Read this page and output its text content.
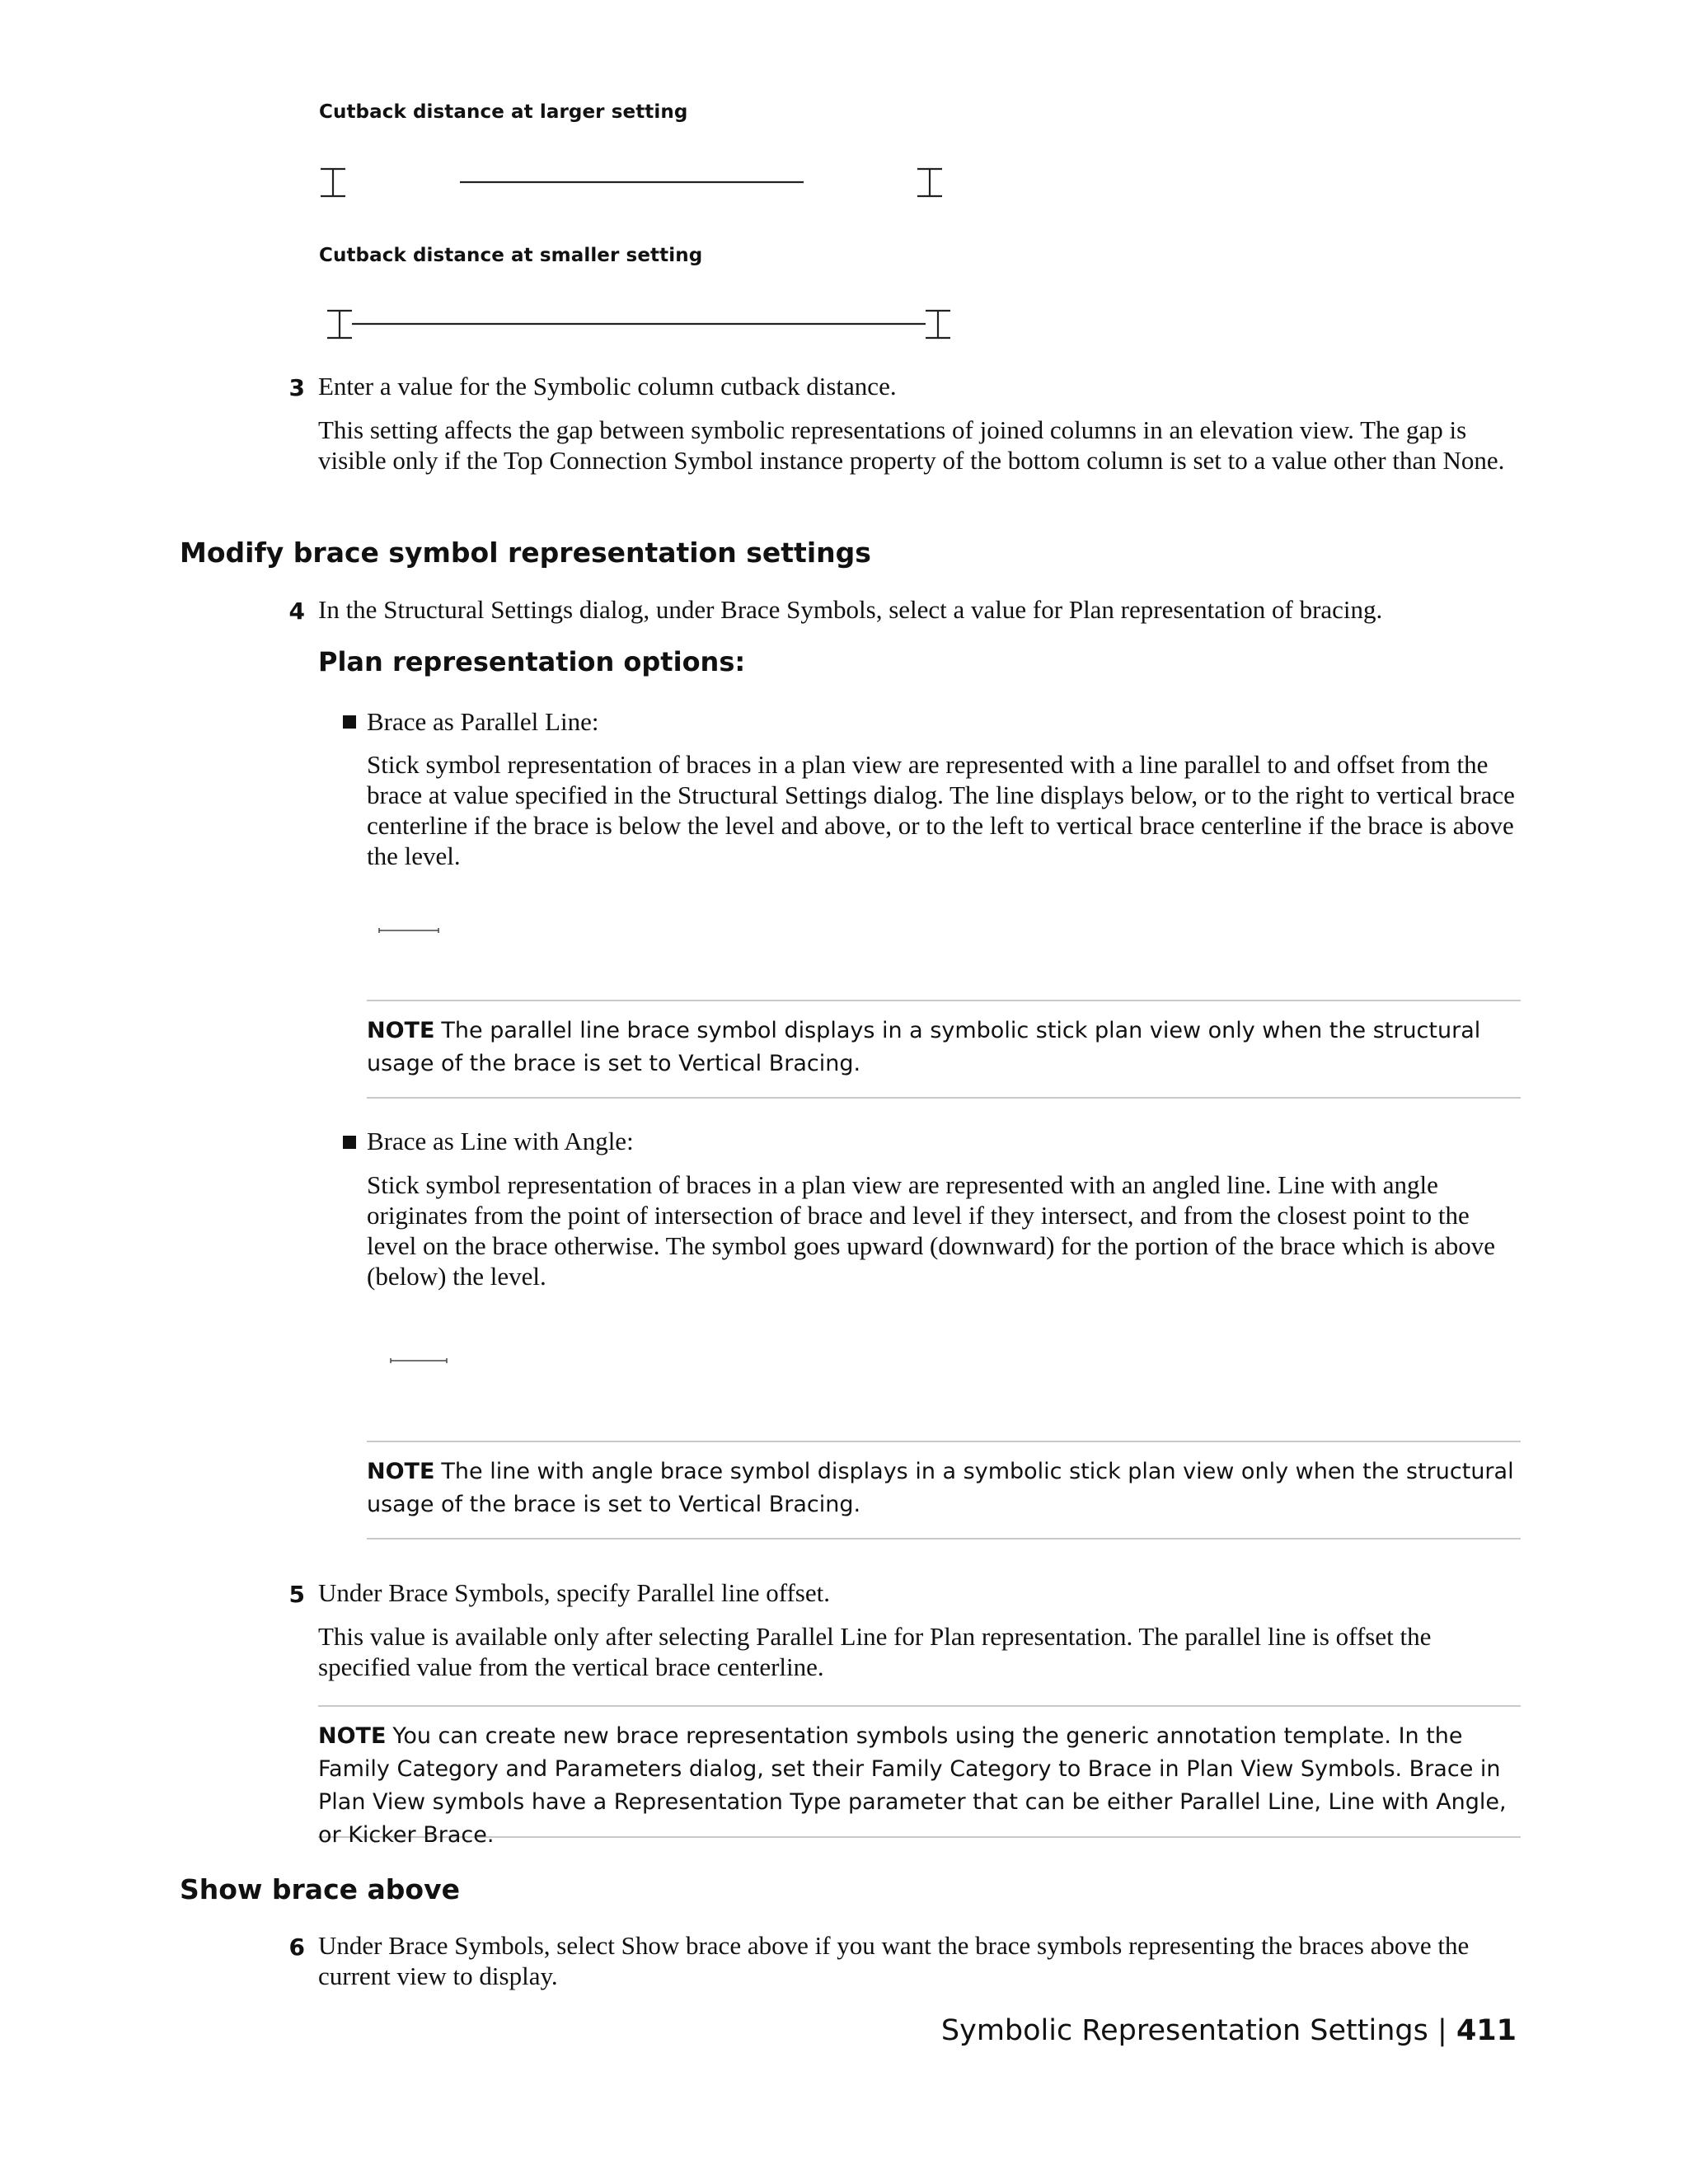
Cutback distance at larger setting
Cutback distance at smaller setting
3 Enter a value for the Symbolic column cutback distance.
This setting affects the gap between symbolic representations of joined columns in an elevation view. The gap is visible only if the Top Connection Symbol instance property of the bottom column is set to a value other than None.
Modify brace symbol representation settings
4 In the Structural Settings dialog, under Brace Symbols, select a value for Plan representation of bracing.
Plan representation options:
Brace as Parallel Line:
Stick symbol representation of braces in a plan view are represented with a line parallel to and offset from the brace at value specified in the Structural Settings dialog. The line displays below, or to the right to vertical brace centerline if the brace is below the level and above, or to the left to vertical brace centerline if the brace is above the level.
NOTE The parallel line brace symbol displays in a symbolic stick plan view only when the structural usage of the brace is set to Vertical Bracing.
Brace as Line with Angle:
Stick symbol representation of braces in a plan view are represented with an angled line. Line with angle originates from the point of intersection of brace and level if they intersect, and from the closest point to the level on the brace otherwise. The symbol goes upward (downward) for the portion of the brace which is above (below) the level.
NOTE The line with angle brace symbol displays in a symbolic stick plan view only when the structural usage of the brace is set to Vertical Bracing.
5 Under Brace Symbols, specify Parallel line offset.
This value is available only after selecting Parallel Line for Plan representation. The parallel line is offset the specified value from the vertical brace centerline.
NOTE You can create new brace representation symbols using the generic annotation template. In the Family Category and Parameters dialog, set their Family Category to Brace in Plan View Symbols. Brace in Plan View symbols have a Representation Type parameter that can be either Parallel Line, Line with Angle, or Kicker Brace.
Show brace above
6 Under Brace Symbols, select Show brace above if you want the brace symbols representing the braces above the current view to display.
Symbolic Representation Settings | 411
